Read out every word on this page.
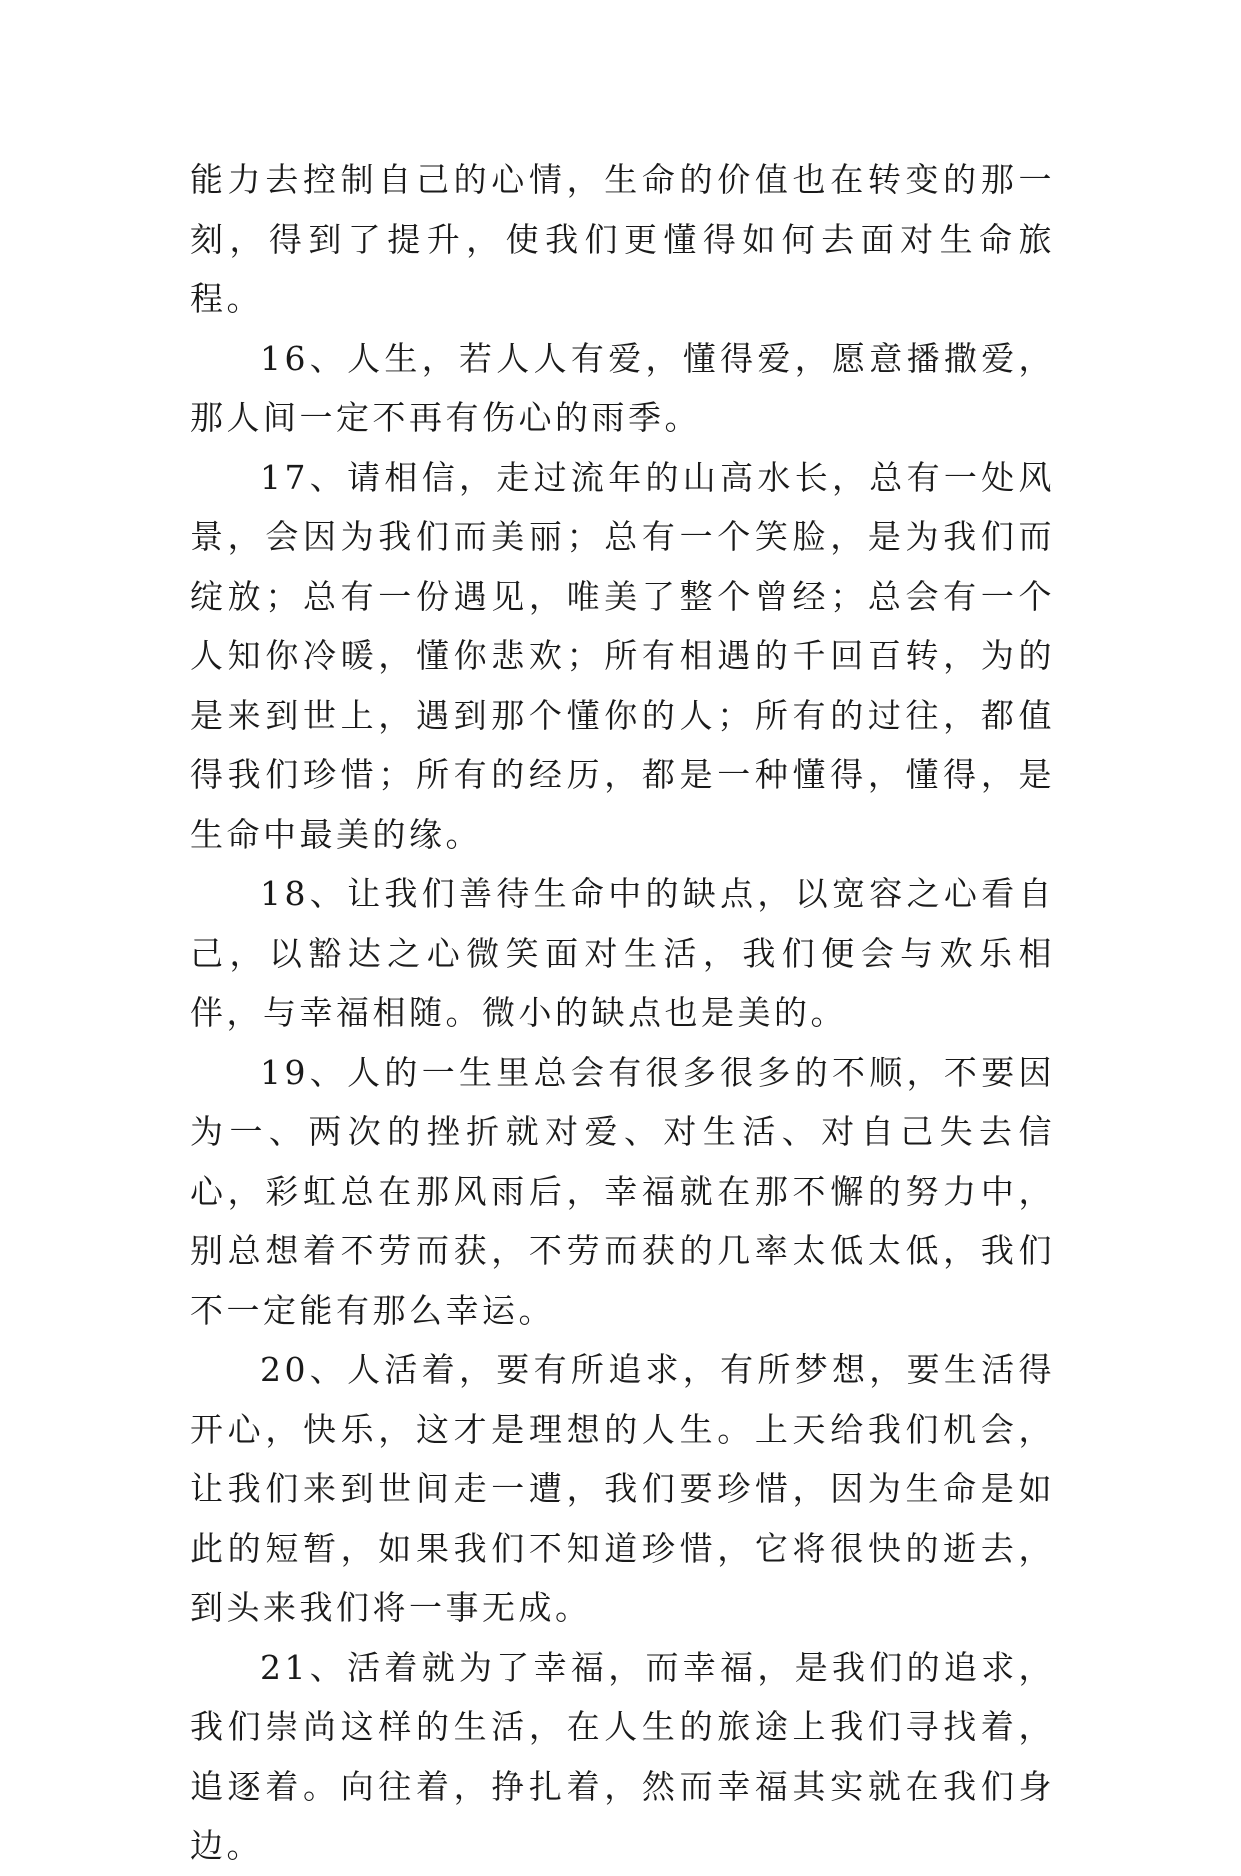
能力去控制自己的心情，生命的价值也在转变的那一刻，得到了提升，使我们更懂得如何去面对生命旅程。

16、人生，若人人有爱，懂得爱，愿意播撒爱，那人间一定不再有伤心的雨季。

17、请相信，走过流年的山高水长，总有一处风景，会因为我们而美丽；总有一个笑脸，是为我们而绽放；总有一份遇见，唯美了整个曾经；总会有一个人知你冷暖，懂你悲欢；所有相遇的千回百转，为的是来到世上，遇到那个懂你的人；所有的过往，都值得我们珍惜；所有的经历，都是一种懂得，懂得，是生命中最美的缘。

18、让我们善待生命中的缺点，以宽容之心看自己，以豁达之心微笑面对生活，我们便会与欢乐相伴，与幸福相随。微小的缺点也是美的。

19、人的一生里总会有很多很多的不顺，不要因为一、两次的挫折就对爱、对生活、对自己失去信心，彩虹总在那风雨后，幸福就在那不懈的努力中，别总想着不劳而获，不劳而获的几率太低太低，我们不一定能有那么幸运。

20、人活着，要有所追求，有所梦想，要生活得开心，快乐，这才是理想的人生。上天给我们机会，让我们来到世间走一遭，我们要珍惜，因为生命是如此的短暂，如果我们不知道珍惜，它将很快的逝去，到头来我们将一事无成。

21、活着就为了幸福，而幸福，是我们的追求，我们崇尚这样的生活，在人生的旅途上我们寻找着，追逐着。向往着，挣扎着，然而幸福其实就在我们身边。
